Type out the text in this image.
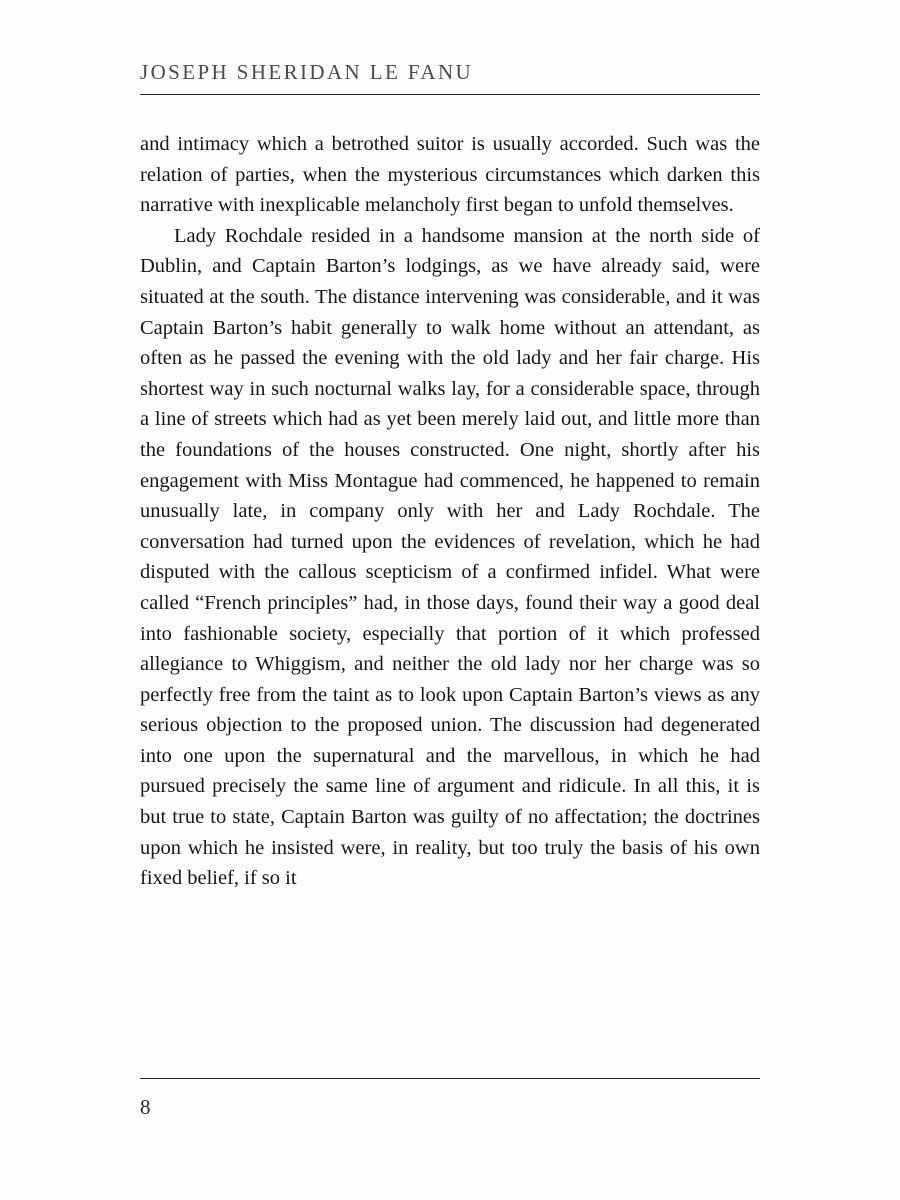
JOSEPH SHERIDAN LE FANU

and intimacy which a betrothed suitor is usually accorded. Such was the relation of parties, when the mysterious circumstances which darken this narrative with inexplicable melancholy first began to unfold themselves.

Lady Rochdale resided in a handsome mansion at the north side of Dublin, and Captain Barton’s lodgings, as we have already said, were situated at the south. The distance intervening was considerable, and it was Captain Barton’s habit generally to walk home without an attendant, as often as he passed the evening with the old lady and her fair charge. His shortest way in such nocturnal walks lay, for a considerable space, through a line of streets which had as yet been merely laid out, and little more than the foundations of the houses constructed. One night, shortly after his engagement with Miss Montague had commenced, he happened to remain unusually late, in company only with her and Lady Rochdale. The conversation had turned upon the evidences of revelation, which he had disputed with the callous scepticism of a confirmed infidel. What were called “French principles” had, in those days, found their way a good deal into fashionable society, especially that portion of it which professed allegiance to Whiggism, and neither the old lady nor her charge was so perfectly free from the taint as to look upon Captain Barton’s views as any serious objection to the proposed union. The discussion had degenerated into one upon the supernatural and the marvellous, in which he had pursued precisely the same line of argument and ridicule. In all this, it is but true to state, Captain Barton was guilty of no affectation; the doctrines upon which he insisted were, in reality, but too truly the basis of his own fixed belief, if so it

8
